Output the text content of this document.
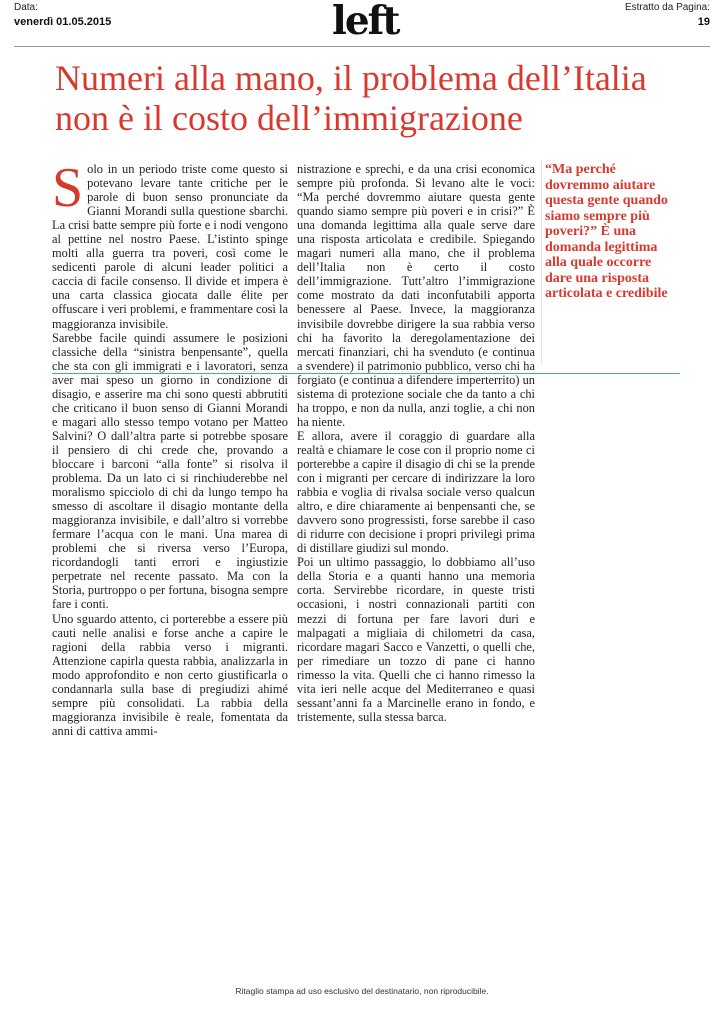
Data:
venerdì 01.05.2015	left	Estratto da Pagina:
19
Numeri alla mano, il problema dell’Italia non è il costo dell’immigrazione
S olo in un periodo triste come questo si potevano levare tante critiche per le parole di buon senso pronunciate da Gianni Morandi sulla questione sbarchi. La crisi batte sempre più forte e i nodi vengono al pettine nel nostro Paese. L’istinto spinge molti alla guerra tra poveri, così come le sedicenti parole di alcuni leader politici a caccia di facile consenso. Il divide et impera è una carta classica giocata dalle élite per offuscare i veri problemi, e frammentare così la maggioranza invisibile.

Sarebbe facile quindi assumere le posizioni classiche della “sinistra benpensante”, quella che sta con gli immigrati e i lavoratori, senza aver mai speso un giorno in condizione di disagio, e asserire ma chi sono questi abbrutiti che criticano il buon senso di Gianni Morandi e magari allo stesso tempo votano per Matteo Salvini? O dall’altra parte si potrebbe sposare il pensiero di chi crede che, provando a bloccare i barconi “alla fonte” si risolva il problema. Da un lato ci si rinchiuderebbe nel moralismo spicciolo di chi da lungo tempo ha smesso di ascoltare il disagio montante della maggioranza invisibile, e dall’altro si vorrebbe fermare l’acqua con le mani. Una marea di problemi che si riversa verso l’Europa, ricordandogli tanti errori e ingiustizie perpetrate nel recente passato. Ma con la Storia, purtroppo o per fortuna, bisogna sempre fare i conti.

Uno sguardo attento, ci porterebbe a essere più cauti nelle analisi e forse anche a capire le ragioni della rabbia verso i migranti. Attenzione capirla questa rabbia, analizzarla in modo approfondito e non certo giustificarla o condannarla sulla base di pregiudizi ahimé sempre più consolidati. La rabbia della maggioranza invisibile è reale, fomentata da anni di cattiva ammi-

nistrazione e sprechi, e da una crisi economica sempre più profonda. Si levano alte le voci: “Ma perché dovremmo aiutare questa gente quando siamo sempre più poveri e in crisi?” È una domanda legittima alla quale serve dare una risposta articolata e credibile. Spiegando magari numeri alla mano, che il problema dell’Italia non è certo il costo dell’immigrazione. Tutt’altro l’immigrazione come mostrato da dati inconfutabili apporta benessere al Paese. Invece, la maggioranza invisibile dovrebbe dirigere la sua rabbia verso chi ha favorito la deregolamentazione dei mercati finanziari, chi ha svenduto (e continua a svendere) il patrimonio pubblico, verso chi ha forgiato (e continua a difendere imperterrito) un sistema di protezione sociale che da tanto a chi ha troppo, e non da nulla, anzi toglie, a chi non ha niente.

E allora, avere il coraggio di guardare alla realtà e chiamare le cose con il proprio nome ci porterebbe a capire il disagio di chi se la prende con i migranti per cercare di indirizzare la loro rabbia e voglia di rivalsa sociale verso qualcun altro, e dire chiaramente ai benpensanti che, se davvero sono progressisti, forse sarebbe il caso di ridurre con decisione i propri privilegi prima di distillare giudizi sul mondo.

Poi un ultimo passaggio, lo dobbiamo all’uso della Storia e a quanti hanno una memoria corta. Servirebbe ricordare, in queste tristi occasioni, i nostri connazionali partiti con mezzi di fortuna per fare lavori duri e malpagati a migliaia di chilometri da casa, ricordare magari Sacco e Vanzetti, o quelli che, per rimediare un tozzo di pane ci hanno rimesso la vita. Quelli che ci hanno rimesso la vita ieri nelle acque del Mediterraneo e quasi sessant’anni fa a Marcinelle erano in fondo, e tristemente, sulla stessa barca.

“Ma perché dovremmo aiutare questa gente quando siamo sempre più poveri?” È una domanda legittima alla quale occorre dare una risposta articolata e credibile

Ritaglio stampa ad uso esclusivo del destinatario, non riproducibile.
